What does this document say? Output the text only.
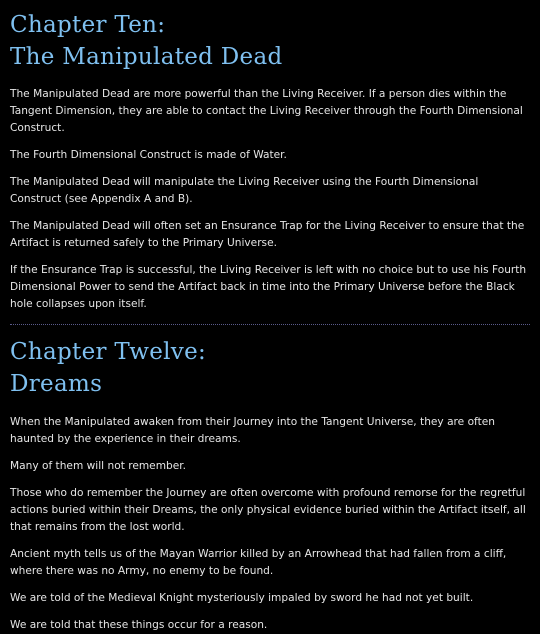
Chapter Ten:
The Manipulated Dead

The Manipulated Dead are more powerful than the Living Receiver. If a person dies within the Tangent Dimension, they are able to contact the Living Receiver through the Fourth Dimensional Construct.

The Fourth Dimensional Construct is made of Water.

The Manipulated Dead will manipulate the Living Receiver using the Fourth Dimensional Construct (see Appendix A and B).

The Manipulated Dead will often set an Ensurance Trap for the Living Receiver to ensure that the Artifact is returned safely to the Primary Universe.

If the Ensurance Trap is successful, the Living Receiver is left with no choice but to use his Fourth Dimensional Power to send the Artifact back in time into the Primary Universe before the Black hole collapses upon itself.

Chapter Twelve:
Dreams

When the Manipulated awaken from their Journey into the Tangent Universe, they are often haunted by the experience in their dreams.

Many of them will not remember.

Those who do remember the Journey are often overcome with profound remorse for the regretful actions buried within their Dreams, the only physical evidence buried within the Artifact itself, all that remains from the lost world.

Ancient myth tells us of the Mayan Warrior killed by an Arrowhead that had fallen from a cliff, where there was no Army, no enemy to be found.

We are told of the Medieval Knight mysteriously impaled by sword he had not yet built.

We are told that these things occur for a reason.
